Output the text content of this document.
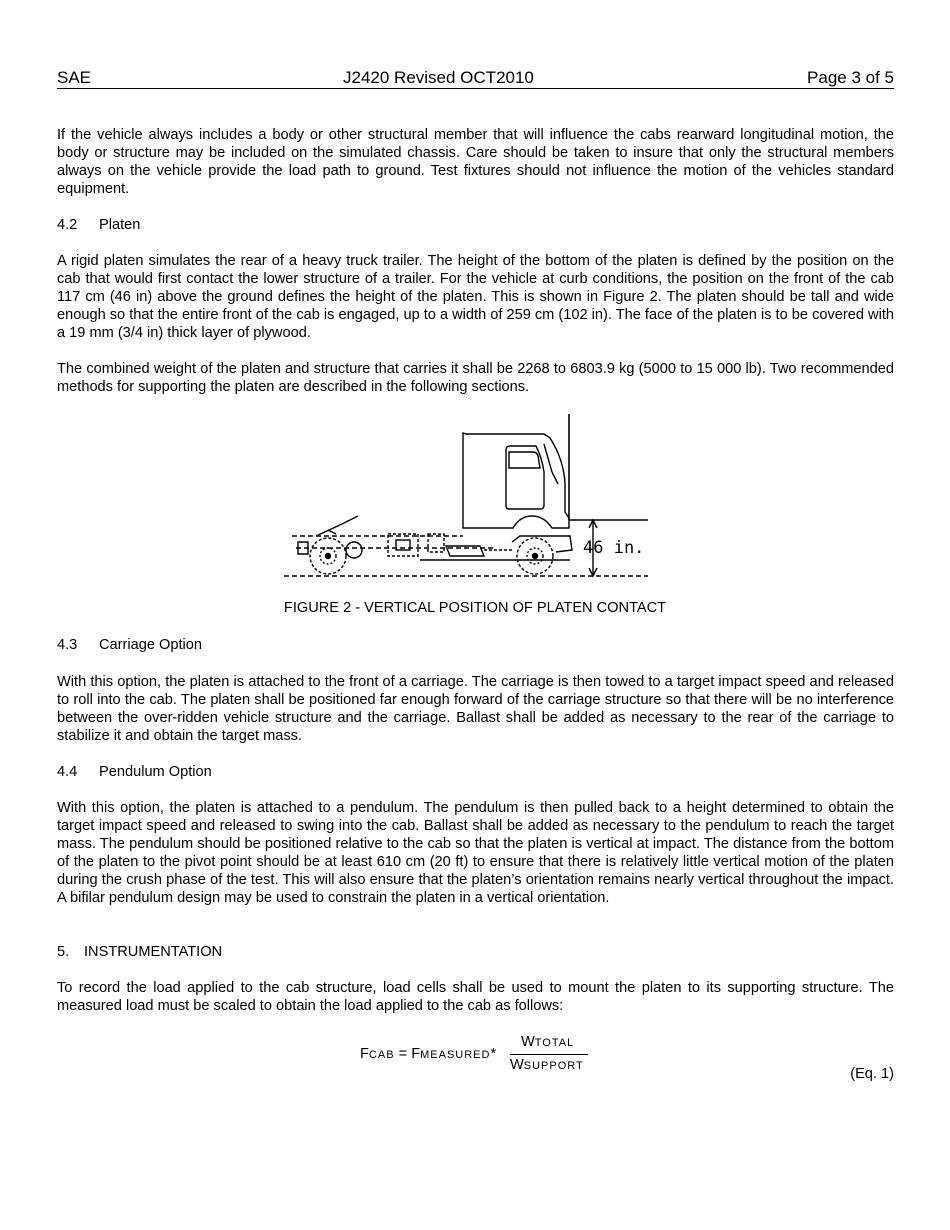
SAE	J2420 Revised OCT2010	Page 3 of 5

If the vehicle always includes a body or other structural member that will influence the cabs rearward longitudinal motion, the body or structure may be included on the simulated chassis. Care should be taken to insure that only the structural members always on the vehicle provide the load path to ground. Test fixtures should not influence the motion of the vehicles standard equipment.

4.2 Platen

A rigid platen simulates the rear of a heavy truck trailer. The height of the bottom of the platen is defined by the position on the cab that would first contact the lower structure of a trailer. For the vehicle at curb conditions, the position on the front of the cab 117 cm (46 in) above the ground defines the height of the platen. This is shown in Figure 2. The platen should be tall and wide enough so that the entire front of the cab is engaged, up to a width of 259 cm (102 in). The face of the platen is to be covered with a 19 mm (3/4 in) thick layer of plywood.

The combined weight of the platen and structure that carries it shall be 2268 to 6803.9 kg (5000 to 15 000 lb). Two recommended methods for supporting the platen are described in the following sections.

46 in.
FIGURE 2 - VERTICAL POSITION OF PLATEN CONTACT

4.3 Carriage Option

With this option, the platen is attached to the front of a carriage. The carriage is then towed to a target impact speed and released to roll into the cab. The platen shall be positioned far enough forward of the carriage structure so that there will be no interference between the over-ridden vehicle structure and the carriage. Ballast shall be added as necessary to the rear of the carriage to stabilize it and obtain the target mass.

4.4 Pendulum Option

With this option, the platen is attached to a pendulum. The pendulum is then pulled back to a height determined to obtain the target impact speed and released to swing into the cab. Ballast shall be added as necessary to the pendulum to reach the target mass. The pendulum should be positioned relative to the cab so that the platen is vertical at impact. The distance from the bottom of the platen to the pivot point should be at least 610 cm (20 ft) to ensure that there is relatively little vertical motion of the platen during the crush phase of the test. This will also ensure that the platen’s orientation remains nearly vertical throughout the impact. A bifilar pendulum design may be used to constrain the platen in a vertical orientation.

5. INSTRUMENTATION

To record the load applied to the cab structure, load cells shall be used to mount the platen to its supporting structure. The measured load must be scaled to obtain the load applied to the cab as follows:

FCAB = FMEASURED*
WTOTAL
WSUPPORT	(Eq. 1)
